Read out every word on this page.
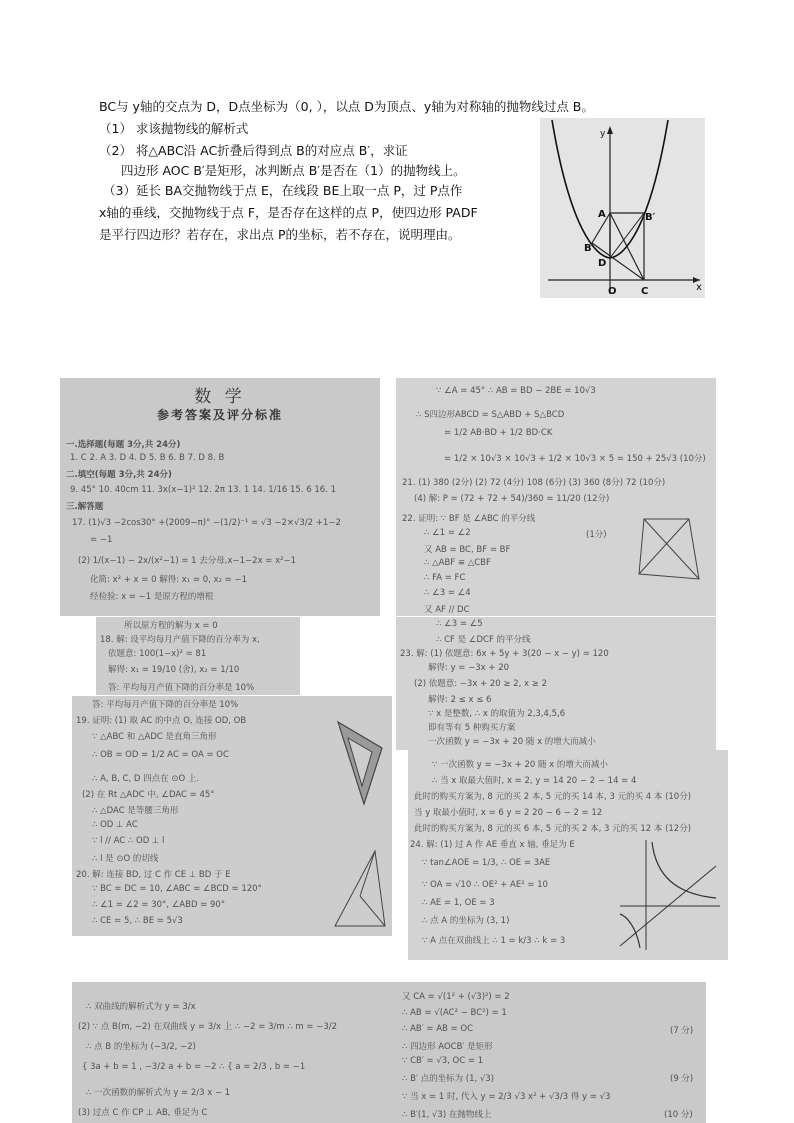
BC与 y轴的交点为 D，D点坐标为（0, ），以点 D为顶点、y轴为对称轴的抛物线过点 B。
（1） 求该抛物线的解析式
（2） 将△ABC沿 AC折叠后得到点 B的对应点 B′，求证
四边形 AOC B′是矩形，冰判断点 B′是否在（1）的抛物线上。
（3）延长 BA交抛物线于点 E，在线段 BE上取一点 P，过 P点作
x轴的垂线，交抛物线于点 F，是否存在这样的点 P，使四边形 PADF
是平行四边形？若存在，求出点 P的坐标，若不存在，说明理由。
y
x
A	B′
B
D
O C
数 学
参考答案及评分标准
一.选择题(每题 3分,共 24分)
1. C 2. A 3. D 4. D 5. B 6. B 7. D 8. B
二.填空(每题 3分,共 24分)
9. 45° 10. 40cm 11. 3x(x−1)² 12. 2π 13. 1 14. 1/16 15. 6 16. 1
三.解答题
17. (1)√3 −2cos30° +(2009−π)° −(1/2)⁻¹ = √3 −2×√3/2 +1−2
= −1
(2) 1/(x−1) − 2x/(x²−1) = 1 去分母,x−1−2x = x²−1
化简: x² + x = 0 解得: x₁ = 0, x₂ = −1
经检验: x = −1 是原方程的增根
∵ ∠A = 45° ∴ AB = BD − 2BE = 10√3
∴ S四边形ABCD = S△ABD + S△BCD
= 1/2 AB·BD + 1/2 BD·CK
= 1/2 × 10√3 × 10√3 + 1/2 × 10√3 × 5 = 150 + 25√3 (10分)
21. (1) 380 (2分) (2) 72 (4分) 108 (6分) (3) 360 (8分) 72 (10分)
(4) 解: P = (72 + 72 + 54)/360 = 11/20 (12分)
22. 证明: ∵ BF 是 ∠ABC 的平分线
∴ ∠1 = ∠2
又 AB = BC, BF = BF
∴ △ABF ≌ △CBF
∴ FA = FC
∴ ∠3 = ∠4
又 AF // DC
(1分)
所以原方程的解为 x = 0
18. 解: 设平均每月产值下降的百分率为 x,
依题意: 100(1−x)² = 81
解得: x₁ = 19/10 (舍), x₂ = 1/10
答: 平均每月产值下降的百分率是 10%
∴ ∠3 = ∠5
∴ CF 是 ∠DCF 的平分线
23. 解: (1) 依题意: 6x + 5y + 3(20 − x − y) = 120
解得: y = −3x + 20
(2) 依题意: −3x + 20 ≥ 2, x ≥ 2
解得: 2 ≤ x ≤ 6
∵ x 是整数, ∴ x 的取值为 2,3,4,5,6
即有等有 5 种购买方案
一次函数 y = −3x + 20 随 x 的增大而减小
答: 平均每月产值下降的百分率是 10%
19. 证明: (1) 取 AC 的中点 O, 连接 OD, OB
∵ △ABC 和 △ADC 是直角三角形
∴ OB = OD = 1/2 AC = OA = OC
∴ A, B, C, D 四点在 ⊙O 上.
(2) 在 Rt △ADC 中, ∠DAC = 45°
∴ △DAC 是等腰三角形
∴ OD ⊥ AC
∵ l // AC ∴ OD ⊥ l
∴ l 是 ⊙O 的切线
20. 解: 连接 BD, 过 C 作 CE ⊥ BD 于 E
∵ BC = DC = 10, ∠ABC = ∠BCD = 120°
∴ ∠1 = ∠2 = 30°, ∠ABD = 90°
∴ CE = 5, ∴ BE = 5√3
∵ 一次函数 y = −3x + 20 随 x 的增大而减小
∴ 当 x 取最大值时, x = 2, y = 14 20 − 2 − 14 = 4
此时的购买方案为, 8 元的买 2 本, 5 元的买 14 本, 3 元的买 4 本 (10分)
当 y 取最小值时, x = 6 y = 2 20 − 6 − 2 = 12
此时的购买方案为, 8 元的买 6 本, 5 元的买 2 本, 3 元的买 12 本 (12分)
24. 解: (1) 过 A 作 AE 垂直 x 轴, 垂足为 E
∵ tan∠AOE = 1/3, ∴ OE = 3AE
∵ OA = √10 ∴ OE² + AE² = 10
∴ AE = 1, OE = 3
∴ 点 A 的坐标为 (3, 1)
∵ A 点在双曲线上 ∴ 1 = k/3 ∴ k = 3
∴ 双曲线的解析式为 y = 3/x
(2) ∵ 点 B(m, −2) 在双曲线 y = 3/x 上 ∴ −2 = 3/m ∴ m = −3/2
∴ 点 B 的坐标为 (−3/2, −2)
{ 3a + b = 1 , −3/2 a + b = −2 ∴ { a = 2/3 , b = −1
∴ 一次函数的解析式为 y = 2/3 x − 1
(3) 过点 C 作 CP ⊥ AB, 垂足为 C
又 CA = √(1² + (√3)²) = 2
∴ AB = √(AC² − BC²) = 1
∴ AB′ = AB = OC
∴ 四边形 AOCB′ 是矩形
∵ CB′ = √3, OC = 1
∴ B′ 点的坐标为 (1, √3)
∵ 当 x = 1 时, 代入 y = 2/3 √3 x² + √3/3 得 y = √3
∴ B′(1, √3) 在抛物线上
(7 分)
(9 分)
(10 分)
